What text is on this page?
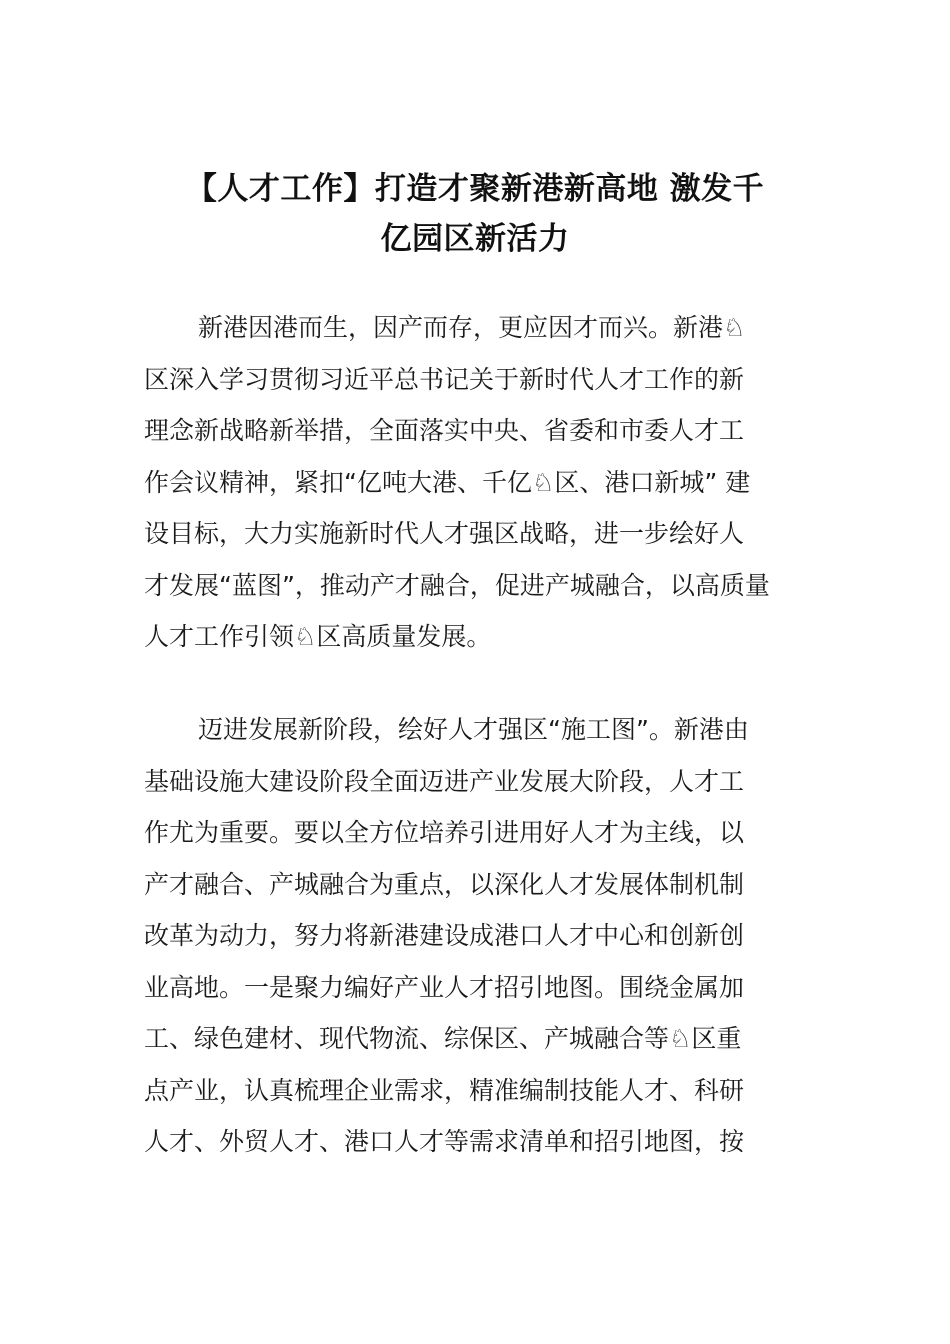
【人才工作】打造才聚新港新高地 激发千
亿园区新活力
新港因港而生，因产而存，更应因才而兴。新港♘
区深入学习贯彻习近平总书记关于新时代人才工作的新
理念新战略新举措，全面落实中央、省委和市委人才工
作会议精神，紧扣“亿吨大港、千亿♘区、港口新城” 建
设目标，大力实施新时代人才强区战略，进一步绘好人
才发展“蓝图”，推动产才融合，促进产城融合，以高质量
人才工作引领♘区高质量发展。
迈进发展新阶段，绘好人才强区“施工图”。新港由
基础设施大建设阶段全面迈进产业发展大阶段，人才工
作尤为重要。要以全方位培养引进用好人才为主线，以
产才融合、产城融合为重点，以深化人才发展体制机制
改革为动力，努力将新港建设成港口人才中心和创新创
业高地。一是聚力编好产业人才招引地图。围绕金属加
工、绿色建材、现代物流、综保区、产城融合等♘区重
点产业，认真梳理企业需求，精准编制技能人才、科研
人才、外贸人才、港口人才等需求清单和招引地图，按
